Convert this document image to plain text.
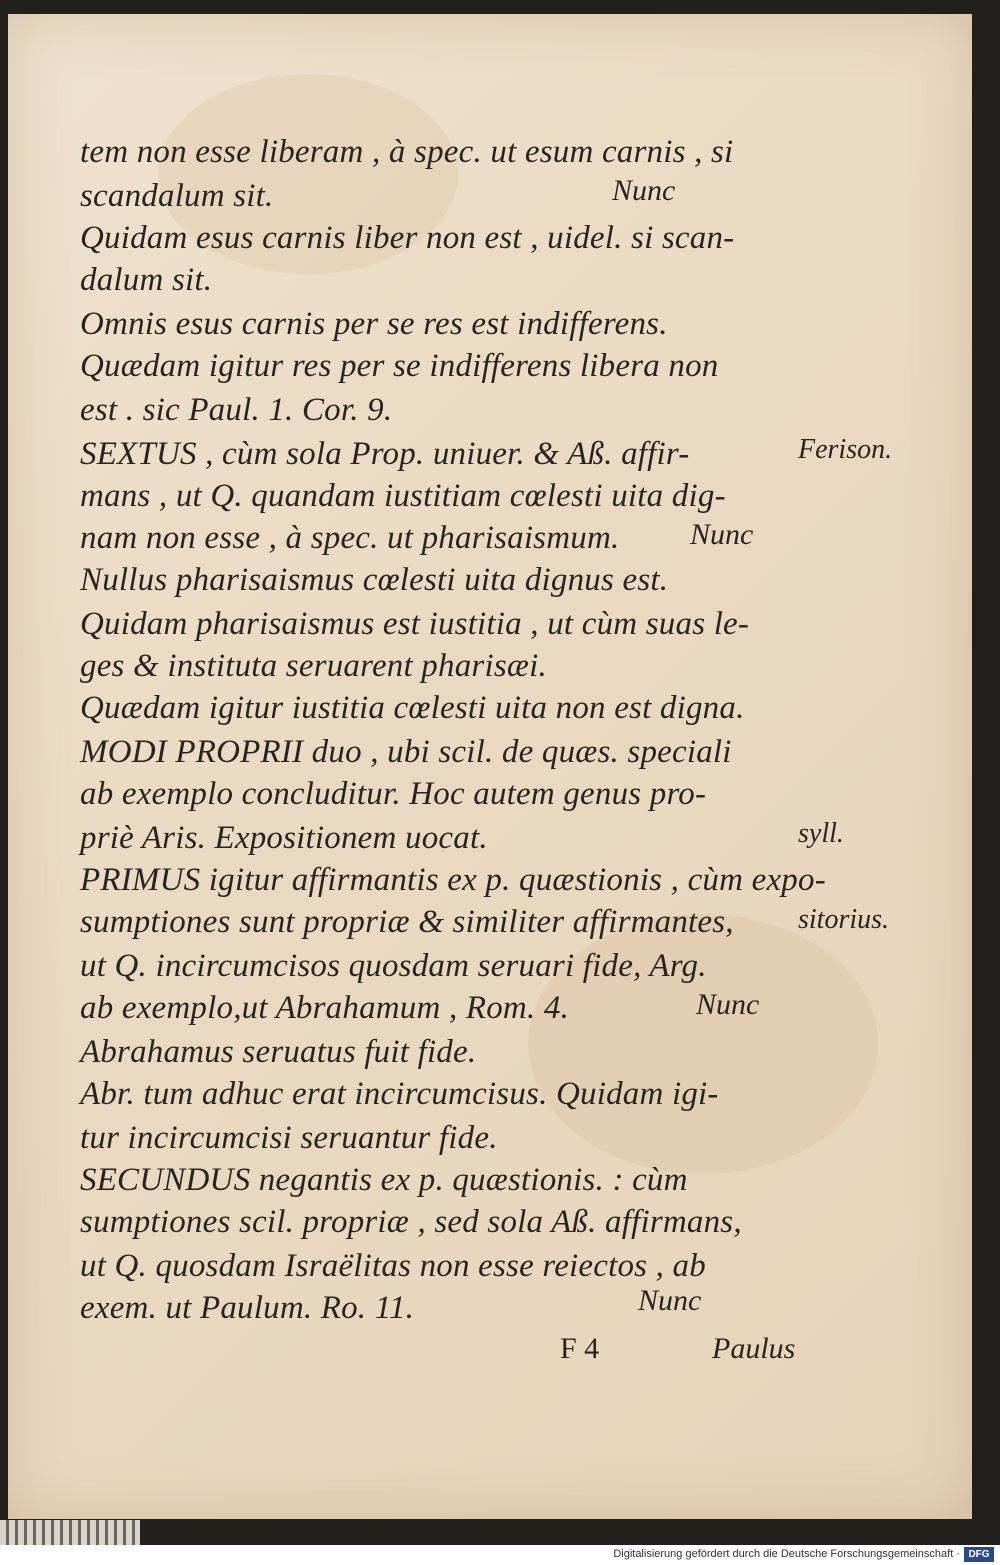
tem non esse liberam , à spec. ut esum carnis , si
scandalum sit.
Quidam esus carnis liber non est , uidel. si scan-
dalum sit.
Omnis esus carnis per se res est indifferens.
Quædam igitur res per se indifferens libera non
est . sic Paul. 1. Cor. 9.
SEXTUS , cùm sola Prop. uniuer. & Aß. affir-
mans , ut Q. quandam iustitiam cœlesti uita dig-
nam non esse , à spec. ut pharisaismum.
Nullus pharisaismus cœlesti uita dignus est.
Quidam pharisaismus est iustitia , ut cùm suas le-
ges & instituta seruarent pharisæi.
Quædam igitur iustitia cœlesti uita non est digna.
MODI PROPRII duo , ubi scil. de quæs. speciali
ab exemplo concluditur. Hoc autem genus pro-
priè Aris. Expositionem uocat.
PRIMUS igitur affirmantis ex p. quæstionis , cùm expo-
sumptiones sunt propriæ & similiter affirmantes,
ut Q. incircumcisos quosdam seruari fide, Arg.
ab exemplo,ut Abrahamum , Rom. 4.
Abrahamus seruatus fuit fide.
Abr. tum adhuc erat incircumcisus. Quidam igi-
tur incircumcisi seruantur fide.
SECUNDUS negantis ex p. quæstionis. : cùm
sumptiones scil. propriæ , sed sola Aß. affirmans,
ut Q. quosdam Israëlitas non esse reiectos , ab
exem. ut Paulum. Ro. 11.
Nunc
Nunc
Nunc
Nunc
Ferison.
syll.
sitorius.
F 4	Paulus
Digitalisierung gefördert durch die Deutsche Forschungsgemeinschaft · DFG
